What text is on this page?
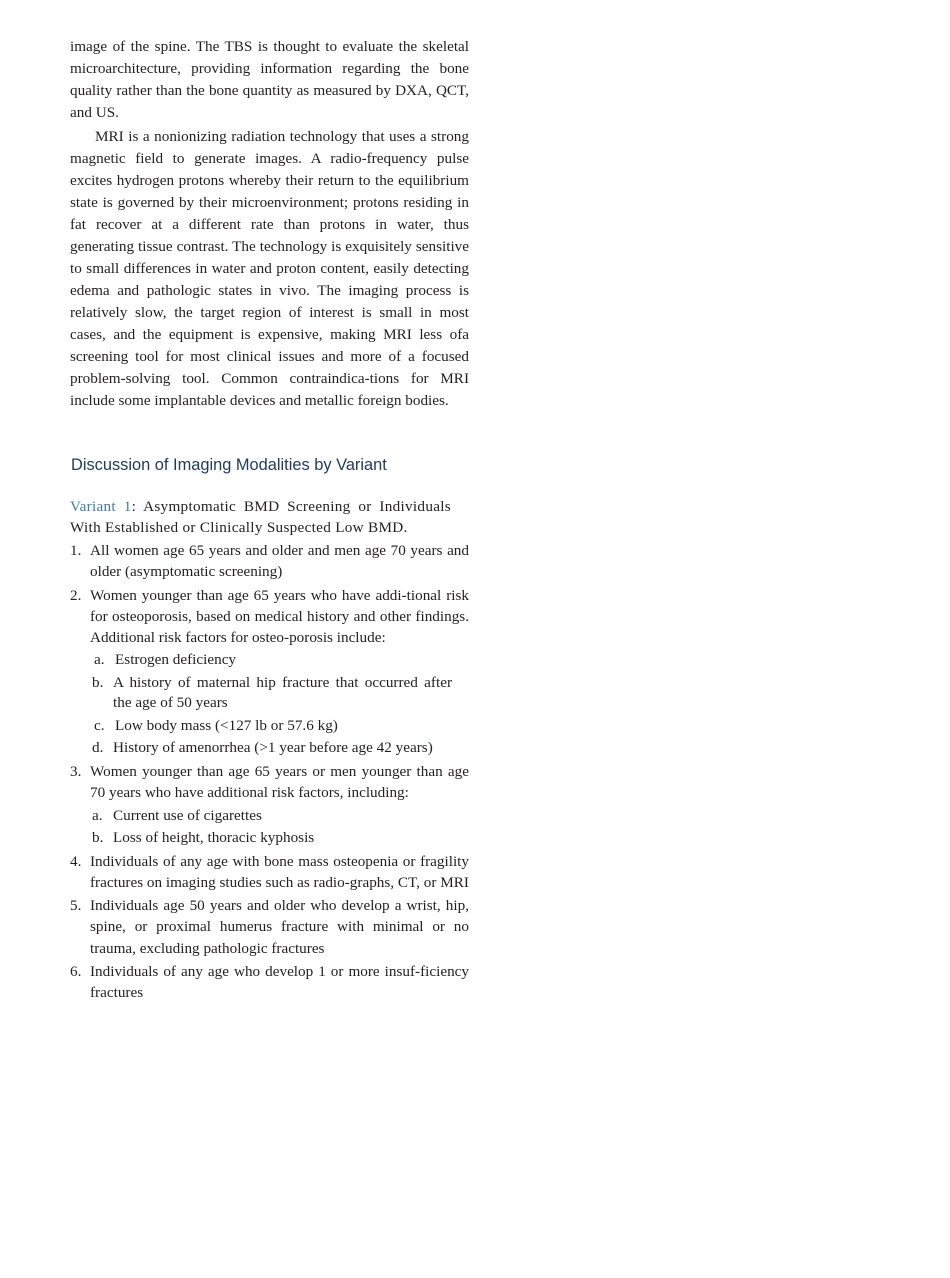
image of the spine. The TBS is thought to evaluate the skeletal microarchitecture, providing information regarding the bone quality rather than the bone quantity as measured by DXA, QCT, and US.

MRI is a nonionizing radiation technology that uses a strong magnetic field to generate images. A radio-frequency pulse excites hydrogen protons whereby their return to the equilibrium state is governed by their microenvironment; protons residing in fat recover at a different rate than protons in water, thus generating tissue contrast. The technology is exquisitely sensitive to small differences in water and proton content, easily detecting edema and pathologic states in vivo. The imaging process is relatively slow, the target region of interest is small in most cases, and the equipment is expensive, making MRI less ofa screening tool for most clinical issues and more of a focused problem-solving tool. Common contraindica-tions for MRI include some implantable devices and metallic foreign bodies.

Discussion of Imaging Modalities by Variant
Variant 1: Asymptomatic BMD Screening or Individuals With Established or Clinically Suspected Low BMD.
1. All women age 65 years and older and men age 70 years and older (asymptomatic screening)
2. Women younger than age 65 years who have addi-tional risk for osteoporosis, based on medical history and other findings. Additional risk factors for osteo-porosis include:
a. Estrogen deficiency
b. A history of maternal hip fracture that occurred after the age of 50 years
c. Low body mass (<127 lb or 57.6 kg)
d. History of amenorrhea (>1 year before age 42 years)
3. Women younger than age 65 years or men younger than age 70 years who have additional risk factors, including:
a. Current use of cigarettes
b. Loss of height, thoracic kyphosis
4. Individuals of any age with bone mass osteopenia or fragility fractures on imaging studies such as radio-graphs, CT, or MRI
5. Individuals age 50 years and older who develop a wrist, hip, spine, or proximal humerus fracture with minimal or no trauma, excluding pathologic fractures
6. Individuals of any age who develop 1 or more insuf-ficiency fractures
